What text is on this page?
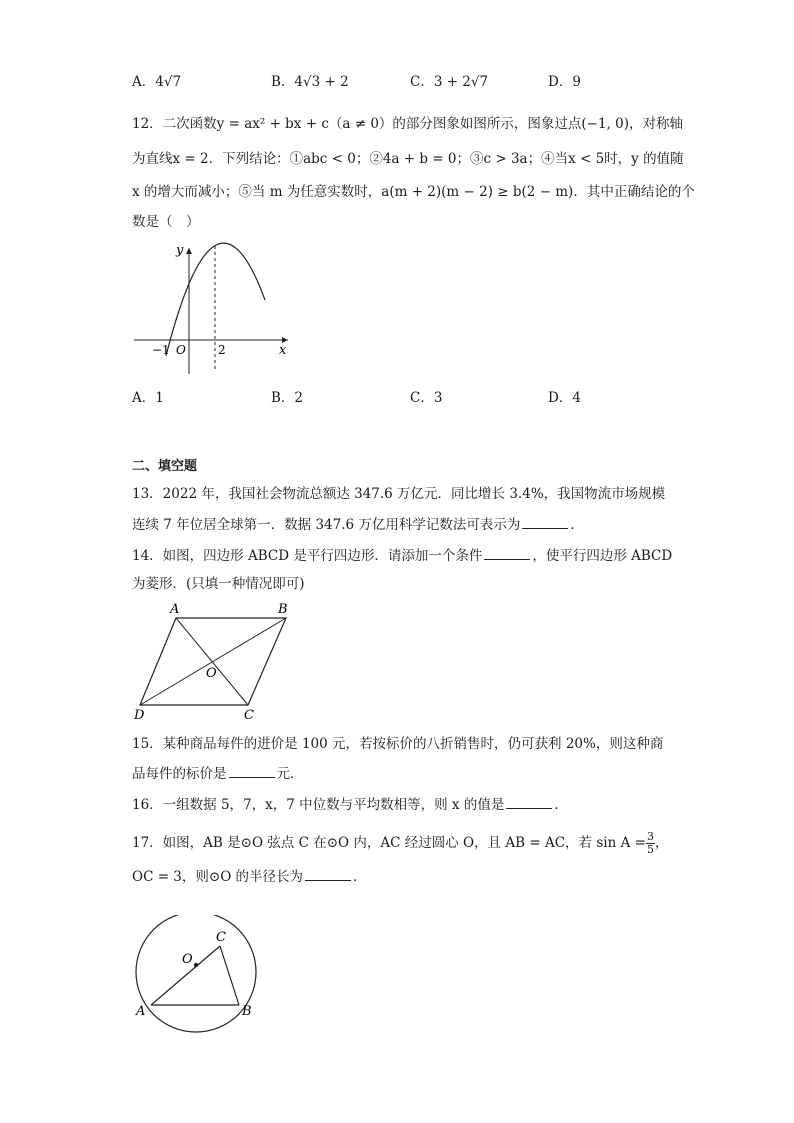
A．4√7	B．4√3 + 2	C．3 + 2√7	D．9
12．二次函数y = ax² + bx + c（a ≠ 0）的部分图象如图所示，图象过点(−1, 0)，对称轴
为直线x = 2．下列结论：①abc < 0；②4a + b = 0；③c > 3a；④当x < 5时，y 的值随
x 的增大而减小；⑤当 m 为任意实数时，a(m + 2)(m − 2) ≥ b(2 − m)．其中正确结论的个
数是（　）
y
x
O
−1	2
A．1	B．2	C．3	D．4
二、填空题
13．2022 年，我国社会物流总额达 347.6 万亿元．同比增长 3.4%，我国物流市场规模
连续 7 年位居全球第一．数据 347.6 万亿用科学记数法可表示为	．
14．如图，四边形 ABCD 是平行四边形．请添加一个条件	，使平行四边形 ABCD
为菱形．(只填一种情况即可)
A	B
C
D
O
15．某种商品每件的进价是 100 元，若按标价的八折销售时，仍可获利 20%，则这种商
品每件的标价是	元．
16．一组数据 5，7，x，7 中位数与平均数相等，则 x 的值是	．
17．如图，AB 是⊙O 弦点 C 在⊙O 内，AC 经过圆心 O，且 AB = AC，若 $\sin A = \frac{3}{5}$ ，
OC = 3，则⊙O 的半径长为	．
O
C
A	B
